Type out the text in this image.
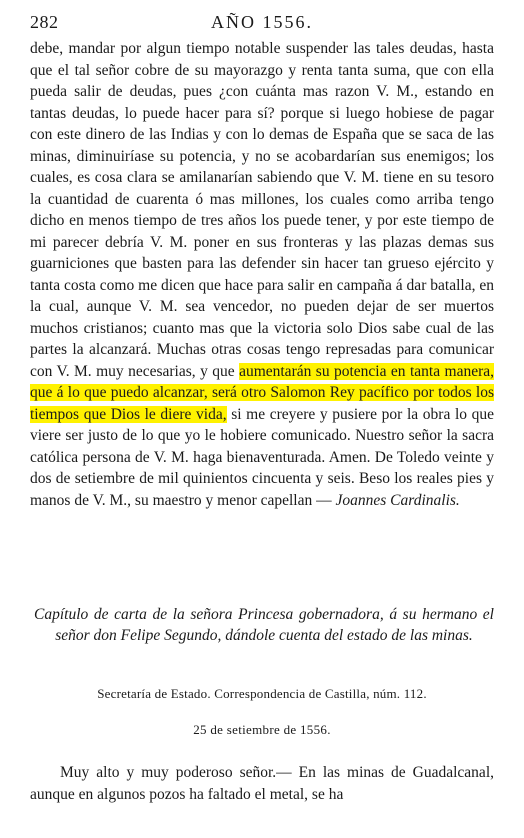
282	AÑO 1556.

debe, mandar por algun tiempo notable suspender las tales deudas, hasta que el tal señor cobre de su mayorazgo y renta tanta suma, que con ella pueda salir de deudas, pues ¿con cuánta mas razon V. M., estando en tantas deudas, lo puede hacer para sí? porque si luego hobiese de pagar con este dinero de las Indias y con lo demas de España que se saca de las minas, diminuiríase su potencia, y no se acobardarían sus enemigos; los cuales, es cosa clara se amilanarían sabiendo que V. M. tiene en su tesoro la cuantidad de cuarenta ó mas millones, los cuales como arriba tengo dicho en menos tiempo de tres años los puede tener, y por este tiempo de mi parecer debría V. M. poner en sus fronteras y las plazas demas sus guarniciones que basten para las defender sin hacer tan grueso ejército y tanta costa como me dicen que hace para salir en campaña á dar batalla, en la cual, aunque V. M. sea vencedor, no pueden dejar de ser muertos muchos cristianos; cuanto mas que la victoria solo Dios sabe cual de las partes la alcanzará. Muchas otras cosas tengo represadas para comunicar con V. M. muy necesarias, y que aumentarán su potencia en tanta manera, que á lo que puedo alcanzar, será otro Salomon Rey pacífico por todos los tiempos que Dios le diere vida, si me creyere y pusiere por la obra lo que viere ser justo de lo que yo le hobiere comunicado. Nuestro señor la sacra católica persona de V. M. haga bienaventurada. Amen. De Toledo veinte y dos de setiembre de mil quinientos cincuenta y seis. Beso los reales pies y manos de V. M., su maestro y menor capellan — Joannes Cardinalis.

Capítulo de carta de la señora Princesa gobernadora, á su hermano el señor don Felipe Segundo, dándole cuenta del estado de las minas.
Secretaría de Estado. Correspondencia de Castilla, núm. 112.
25 de setiembre de 1556.
Muy alto y muy poderoso señor.— En las minas de Guadalcanal, aunque en algunos pozos ha faltado el metal, se ha
